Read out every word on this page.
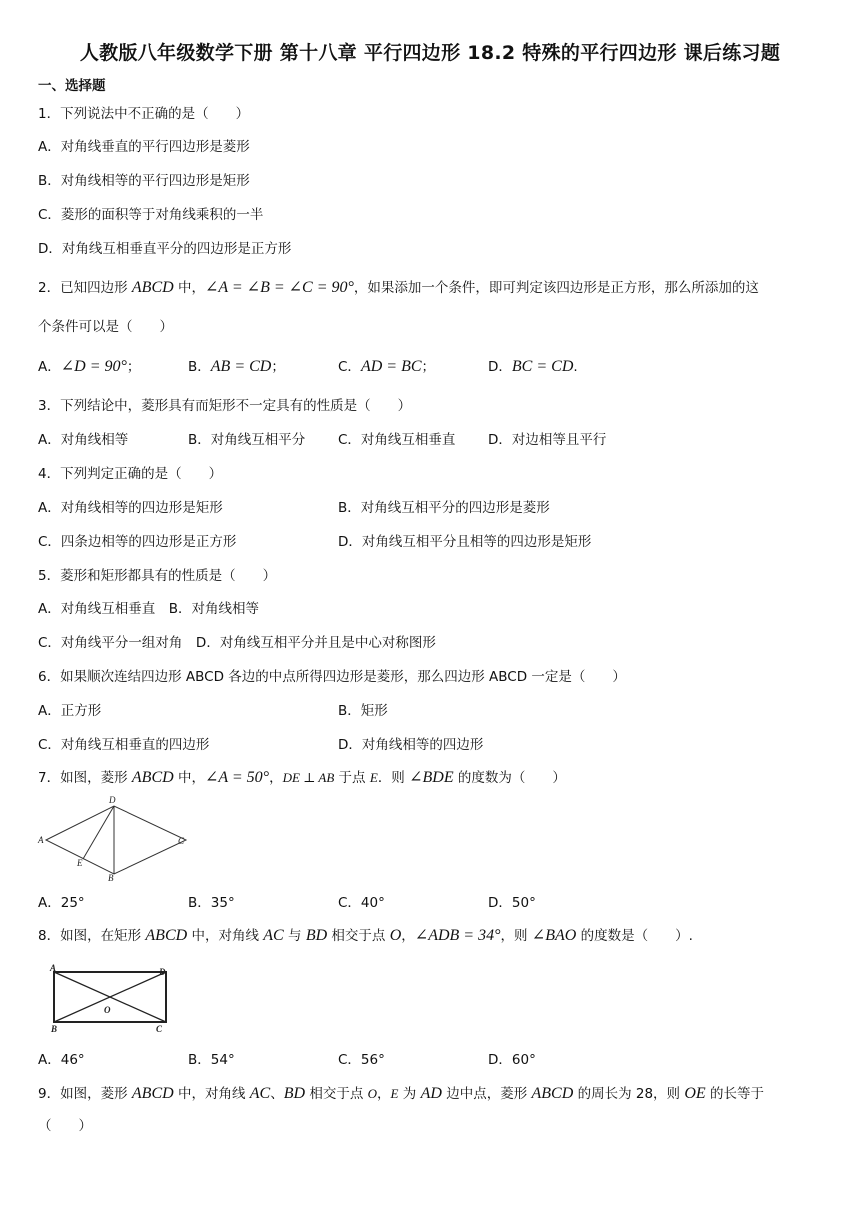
人教版八年级数学下册 第十八章 平行四边形 18.2 特殊的平行四边形 课后练习题
一、选择题
1．下列说法中不正确的是（　　）
A．对角线垂直的平行四边形是菱形
B．对角线相等的平行四边形是矩形
C．菱形的面积等于对角线乘积的一半
D．对角线互相垂直平分的四边形是正方形
2．已知四边形 ABCD 中，∠A = ∠B = ∠C = 90°，如果添加一个条件，即可判定该四边形是正方形，那么所添加的这
个条件可以是（　　）
A．∠D = 90°；	B．AB = CD；	C．AD = BC；	D．BC = CD.
3．下列结论中，菱形具有而矩形不一定具有的性质是（　　）
A．对角线相等	B．对角线互相平分 C．对角线互相垂直 D．对边相等且平行
4．下列判定正确的是（　　）
A．对角线相等的四边形是矩形	B．对角线互相平分的四边形是菱形
C．四条边相等的四边形是正方形	D．对角线互相平分且相等的四边形是矩形
5．菱形和矩形都具有的性质是（　　）
A．对角线互相垂直　B．对角线相等
C．对角线平分一组对角　D．对角线互相平分并且是中心对称图形
6．如果顺次连结四边形 ABCD 各边的中点所得四边形是菱形，那么四边形 ABCD 一定是（　　）
A．正方形	B．矩形
C．对角线互相垂直的四边形	D．对角线相等的四边形
7．如图，菱形 ABCD 中，∠A = 50°，DE ⊥ AB 于点 E．则 ∠BDE 的度数为（　　）
A
B
C
D
E
A．25°	B．35°	C．40°	D．50°
8．如图，在矩形 ABCD 中，对角线 AC 与 BD 相交于点 O，∠ADB = 34°，则 ∠BAO 的度数是（　　）.
A	D
B	C
O
A．46°	B．54°	C．56°	D．60°
9．如图，菱形 ABCD 中，对角线 AC、BD 相交于点 O，E 为 AD 边中点，菱形 ABCD 的周长为 28，则 OE 的长等于
（　　）
